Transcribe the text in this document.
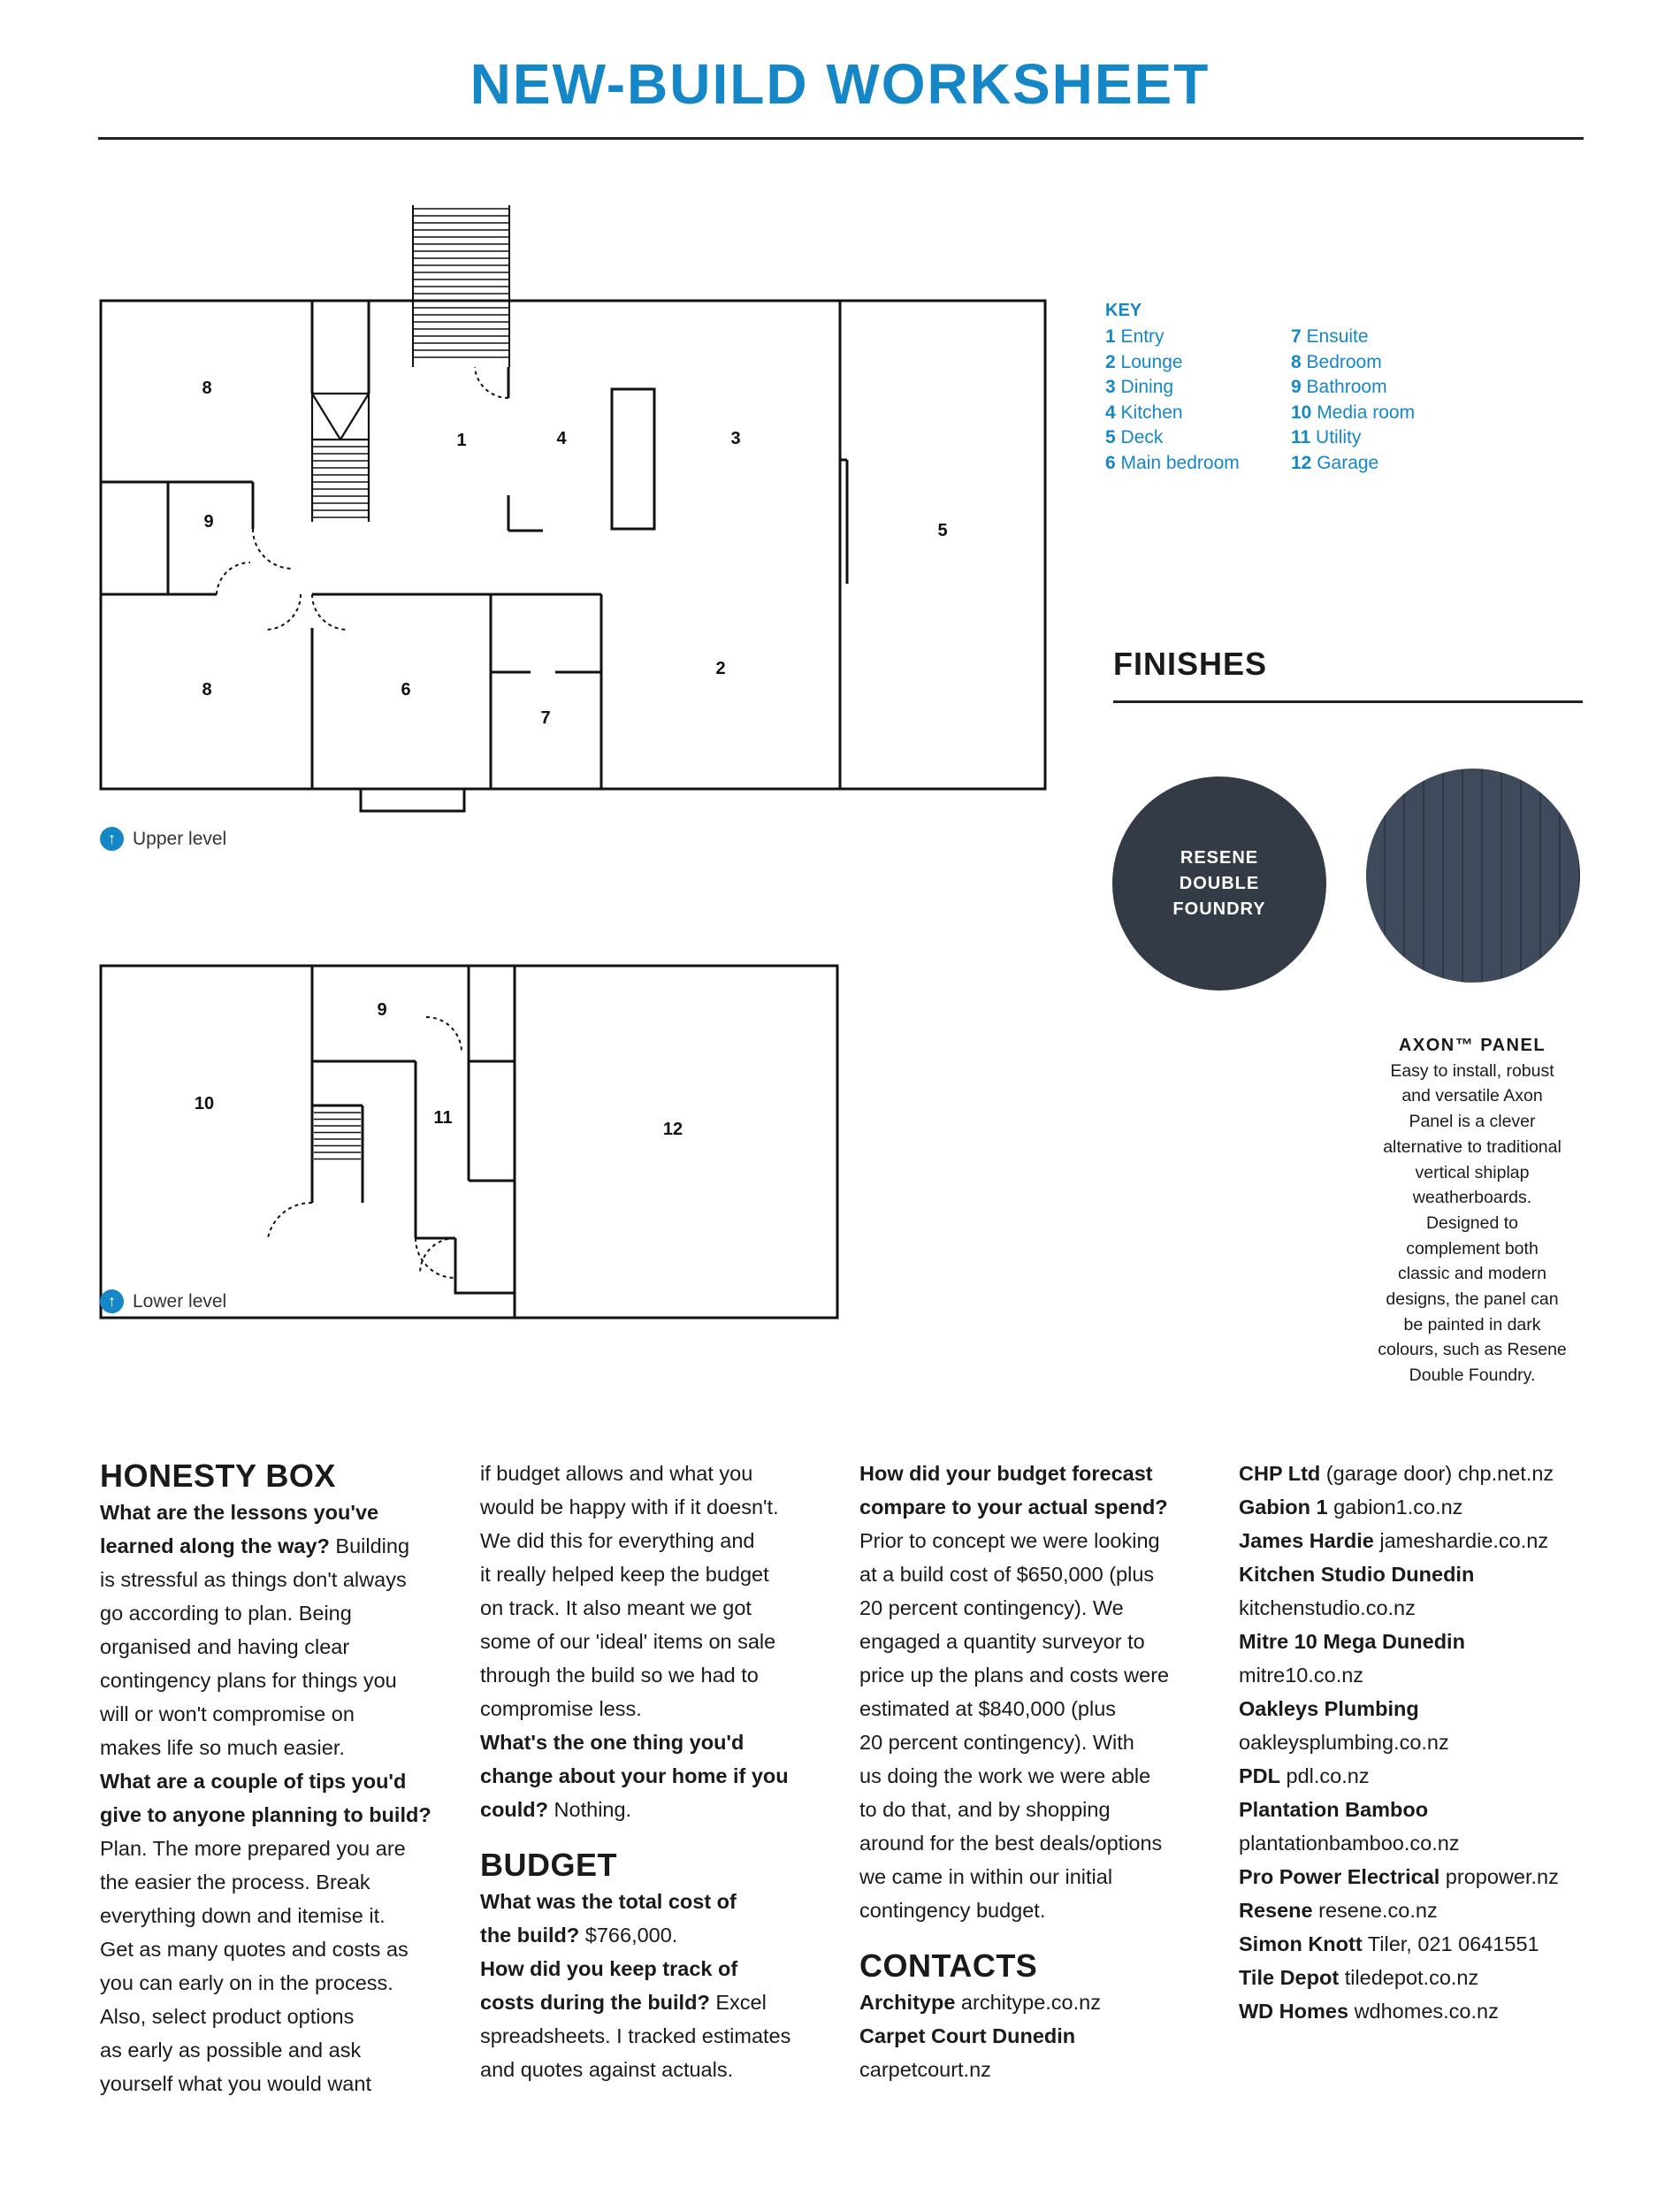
NEW-BUILD WORKSHEET
8
1	4	3
5
9
8	6
7
2
9
10
11
12
↑ Upper level
↑ Lower level
KEY
1 Entry
2 Lounge
3 Dining
4 Kitchen
5 Deck
6 Main bedroom
7 Ensuite
8 Bedroom
9 Bathroom
10 Media room
11 Utility
12 Garage
FINISHES
RESENE
DOUBLE
FOUNDRY
AXON™ PANEL
Easy to install, robust
and versatile Axon
Panel is a clever
alternative to traditional
vertical shiplap
weatherboards.
Designed to
complement both
classic and modern
designs, the panel can
be painted in dark
colours, such as Resene
Double Foundry.
HONESTY BOX

What are the lessons you've

learned along the way? Building

is stressful as things don't always

go according to plan. Being

organised and having clear

contingency plans for things you

will or won't compromise on

makes life so much easier.

What are a couple of tips you'd

give to anyone planning to build?

Plan. The more prepared you are

the easier the process. Break

everything down and itemise it.

Get as many quotes and costs as

you can early on in the process.

Also, select product options

as early as possible and ask

yourself what you would want

if budget allows and what you

would be happy with if it doesn't.

We did this for everything and

it really helped keep the budget

on track. It also meant we got

some of our 'ideal' items on sale

through the build so we had to

compromise less.

What's the one thing you'd

change about your home if you

could? Nothing.

BUDGET

What was the total cost of

the build? $766,000.

How did you keep track of

costs during the build? Excel

spreadsheets. I tracked estimates

and quotes against actuals.

How did your budget forecast

compare to your actual spend?

Prior to concept we were looking

at a build cost of $650,000 (plus

20 percent contingency). We

engaged a quantity surveyor to

price up the plans and costs were

estimated at $840,000 (plus

20 percent contingency). With

us doing the work we were able

to do that, and by shopping

around for the best deals/options

we came in within our initial

contingency budget.

CONTACTS

Architype architype.co.nz

Carpet Court Dunedin

carpetcourt.nz

CHP Ltd (garage door) chp.net.nz

Gabion 1 gabion1.co.nz

James Hardie jameshardie.co.nz

Kitchen Studio Dunedin

kitchenstudio.co.nz

Mitre 10 Mega Dunedin

mitre10.co.nz

Oakleys Plumbing

oakleysplumbing.co.nz

PDL pdl.co.nz

Plantation Bamboo

plantationbamboo.co.nz

Pro Power Electrical propower.nz

Resene resene.co.nz

Simon Knott Tiler, 021 0641551

Tile Depot tiledepot.co.nz

WD Homes wdhomes.co.nz
